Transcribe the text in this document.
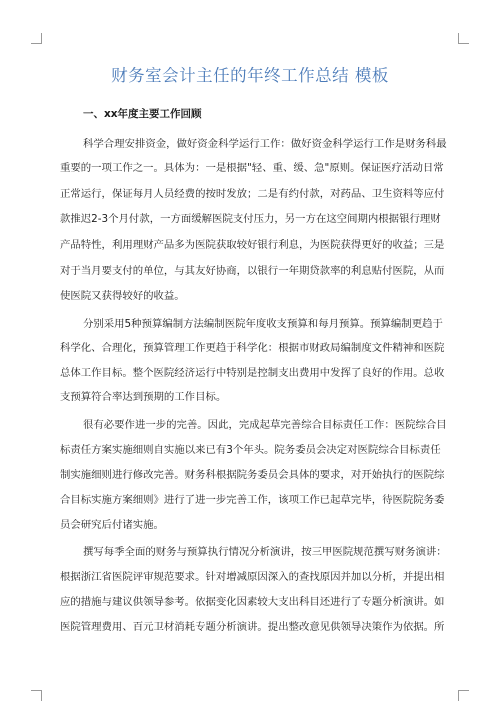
财务室会计主任的年终工作总结 模板
一、xx年度主要工作回顾
科学合理安排资金，做好资金科学运行工作：做好资金科学运行工作是财务科最
重要的一项工作之一。具体为：一是根据"轻、重、缓、急"原则。保证医疗活动日常
正常运行，保证每月人员经费的按时发放；二是有约付款，对药品、卫生资料等应付
款推迟2-3个月付款，一方面缓解医院支付压力，另一方在这空间期内根据银行理财
产品特性，利用理财产品多为医院获取较好银行利息，为医院获得更好的收益；三是
对于当月要支付的单位，与其友好协商，以银行一年期贷款率的利息贴付医院，从而
使医院又获得较好的收益。
分别采用5种预算编制方法编制医院年度收支预算和每月预算。预算编制更趋于
科学化、合理化，预算管理工作更趋于科学化：根据市财政局编制度文件精神和医院
总体工作目标。整个医院经济运行中特别是控制支出费用中发挥了良好的作用。总收
支预算符合率达到预期的工作目标。
很有必要作进一步的完善。因此，完成起草完善综合目标责任工作：医院综合目
标责任方案实施细则自实施以来已有3个年头。院务委员会决定对医院综合目标责任
制实施细则进行修改完善。财务科根据院务委员会具体的要求，对开始执行的医院综
合目标实施方案细则》进行了进一步完善工作，该项工作已起草完毕，待医院院务委
员会研究后付诸实施。
撰写每季全面的财务与预算执行情况分析演讲，按三甲医院规范撰写财务演讲：
根据浙江省医院评审规范要求。针对增减原因深入的查找原因并加以分析，并提出相
应的措施与建议供领导参考。依据变化因素较大支出科目还进行了专题分析演讲。如
医院管理费用、百元卫材消耗专题分析演讲。提出整改意见供领导决策作为依据。所
